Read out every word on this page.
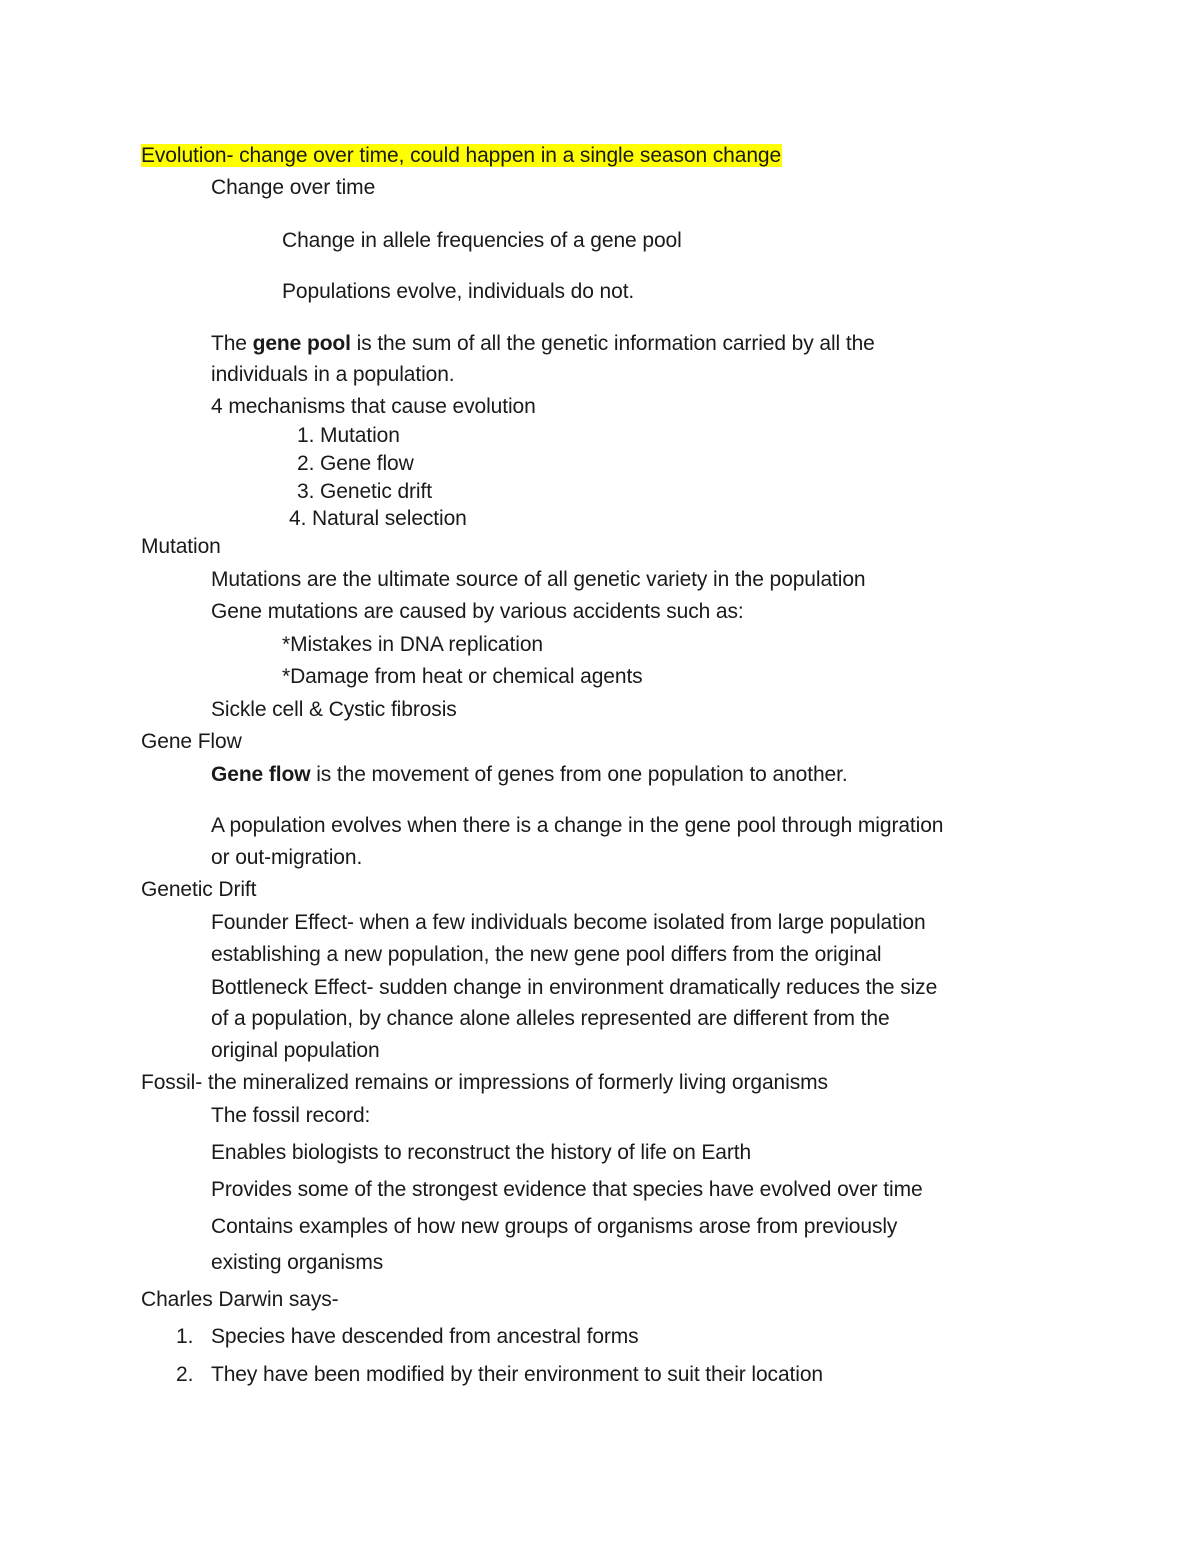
Evolution- change over time, could happen in a single season change
Change over time
Change in allele frequencies of a gene pool
Populations evolve, individuals do not.
The gene pool is the sum of all the genetic information carried by all the
individuals in a population.
4 mechanisms that cause evolution
1. Mutation
2. Gene flow
3. Genetic drift
4. Natural selection
Mutation
Mutations are the ultimate source of all genetic variety in the population
Gene mutations are caused by various accidents such as:
*Mistakes in DNA replication
*Damage from heat or chemical agents
Sickle cell & Cystic fibrosis
Gene Flow
Gene flow is the movement of genes from one population to another.
A population evolves when there is a change in the gene pool through migration
or out-migration.
Genetic Drift
Founder Effect- when a few individuals become isolated from large population
establishing a new population, the new gene pool differs from the original
Bottleneck Effect- sudden change in environment dramatically reduces the size
of a population, by chance alone alleles represented are different from the
original population
Fossil- the mineralized remains or impressions of formerly living organisms
The fossil record:
Enables biologists to reconstruct the history of life on Earth
Provides some of the strongest evidence that species have evolved over time
Contains examples of how new groups of organisms arose from previously
existing organisms
Charles Darwin says-
1. Species have descended from ancestral forms
2. They have been modified by their environment to suit their location
